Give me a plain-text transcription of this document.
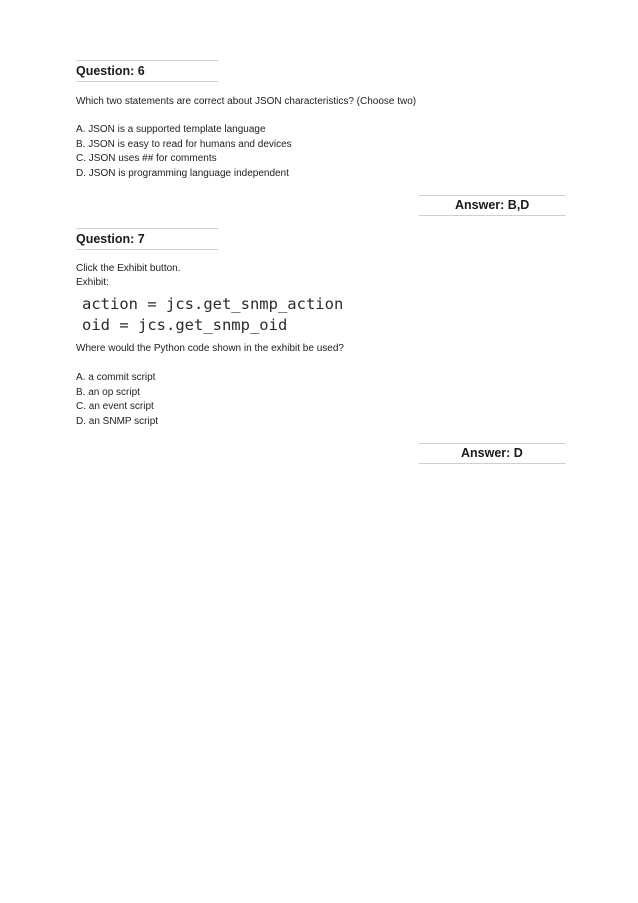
Question: 6
Which two statements are correct about JSON characteristics? (Choose two)
A. JSON is a supported template language
B. JSON is easy to read for humans and devices
C. JSON uses ## for comments
D. JSON is programming language independent
Answer: B,D
Question: 7
Click the Exhibit button.
Exhibit:
action = jcs.get_snmp_action
oid = jcs.get_snmp_oid
Where would the Python code shown in the exhibit be used?
A. a commit script
B. an op script
C. an event script
D. an SNMP script
Answer: D
